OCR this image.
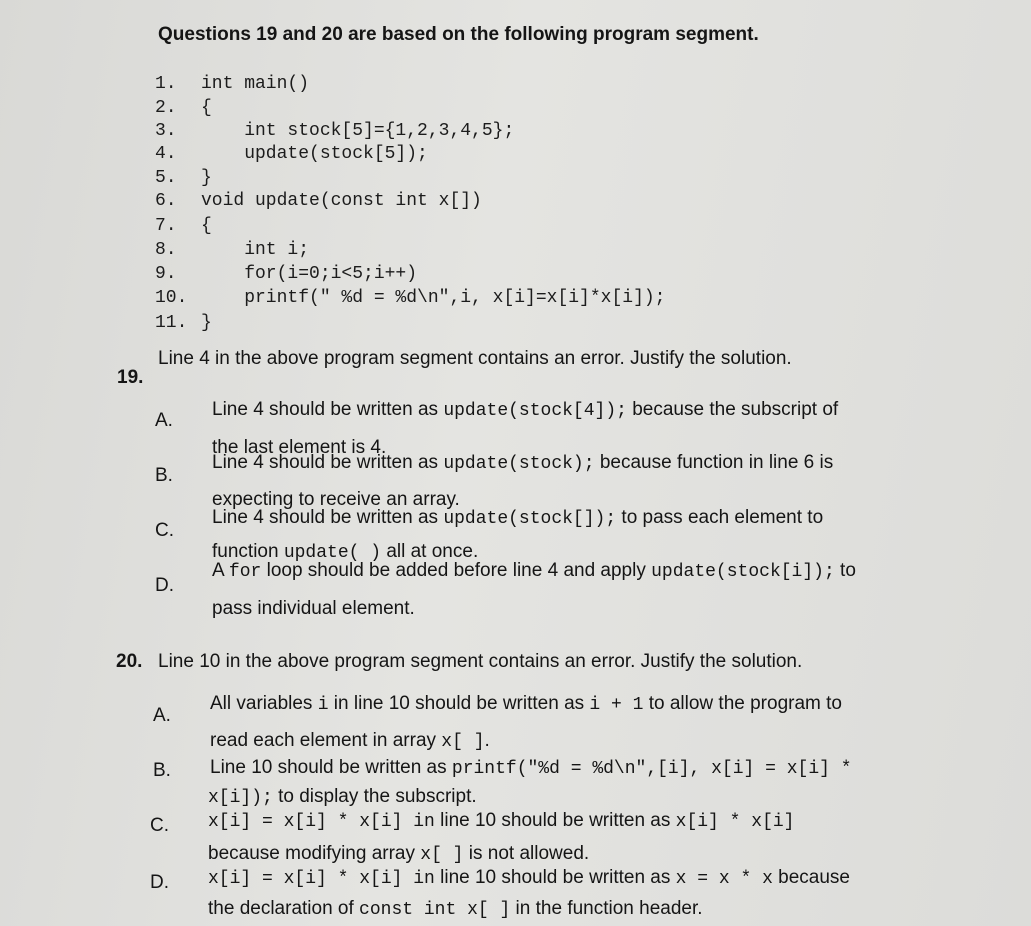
Questions 19 and 20 are based on the following program segment.
1. int main()
2. {
3.    int stock[5]={1,2,3,4,5};
4.    update(stock[5]);
5. }
6. void update(const int x[])
7. {
8.    int i;
9.    for(i=0;i<5;i++)
10.    printf(" %d = %d\n",i, x[i]=x[i]*x[i]);
11. }
19.
Line 4 in the above program segment contains an error. Justify the solution.
A.
Line 4 should be written as update(stock[4]); because the subscript of
the last element is 4.
B.
Line 4 should be written as update(stock); because function in line 6 is
expecting to receive an array.
C.
Line 4 should be written as update(stock[]); to pass each element to
function update( ) all at once.
D.
A for loop should be added before line 4 and apply update(stock[i]); to
pass individual element.
20. Line 10 in the above program segment contains an error. Justify the solution.
A.
All variables i in line 10 should be written as i + 1 to allow the program to
read each element in array x[ ].
B. Line 10 should be written as printf("%d = %d\n",[i], x[i] = x[i] *
x[i]); to display the subscript.
C. x[i] = x[i] * x[i] in line 10 should be written as x[i] * x[i]
because modifying array x[ ] is not allowed.
D. x[i] = x[i] * x[i] in line 10 should be written as x = x * x because
the declaration of const int x[ ] in the function header.
